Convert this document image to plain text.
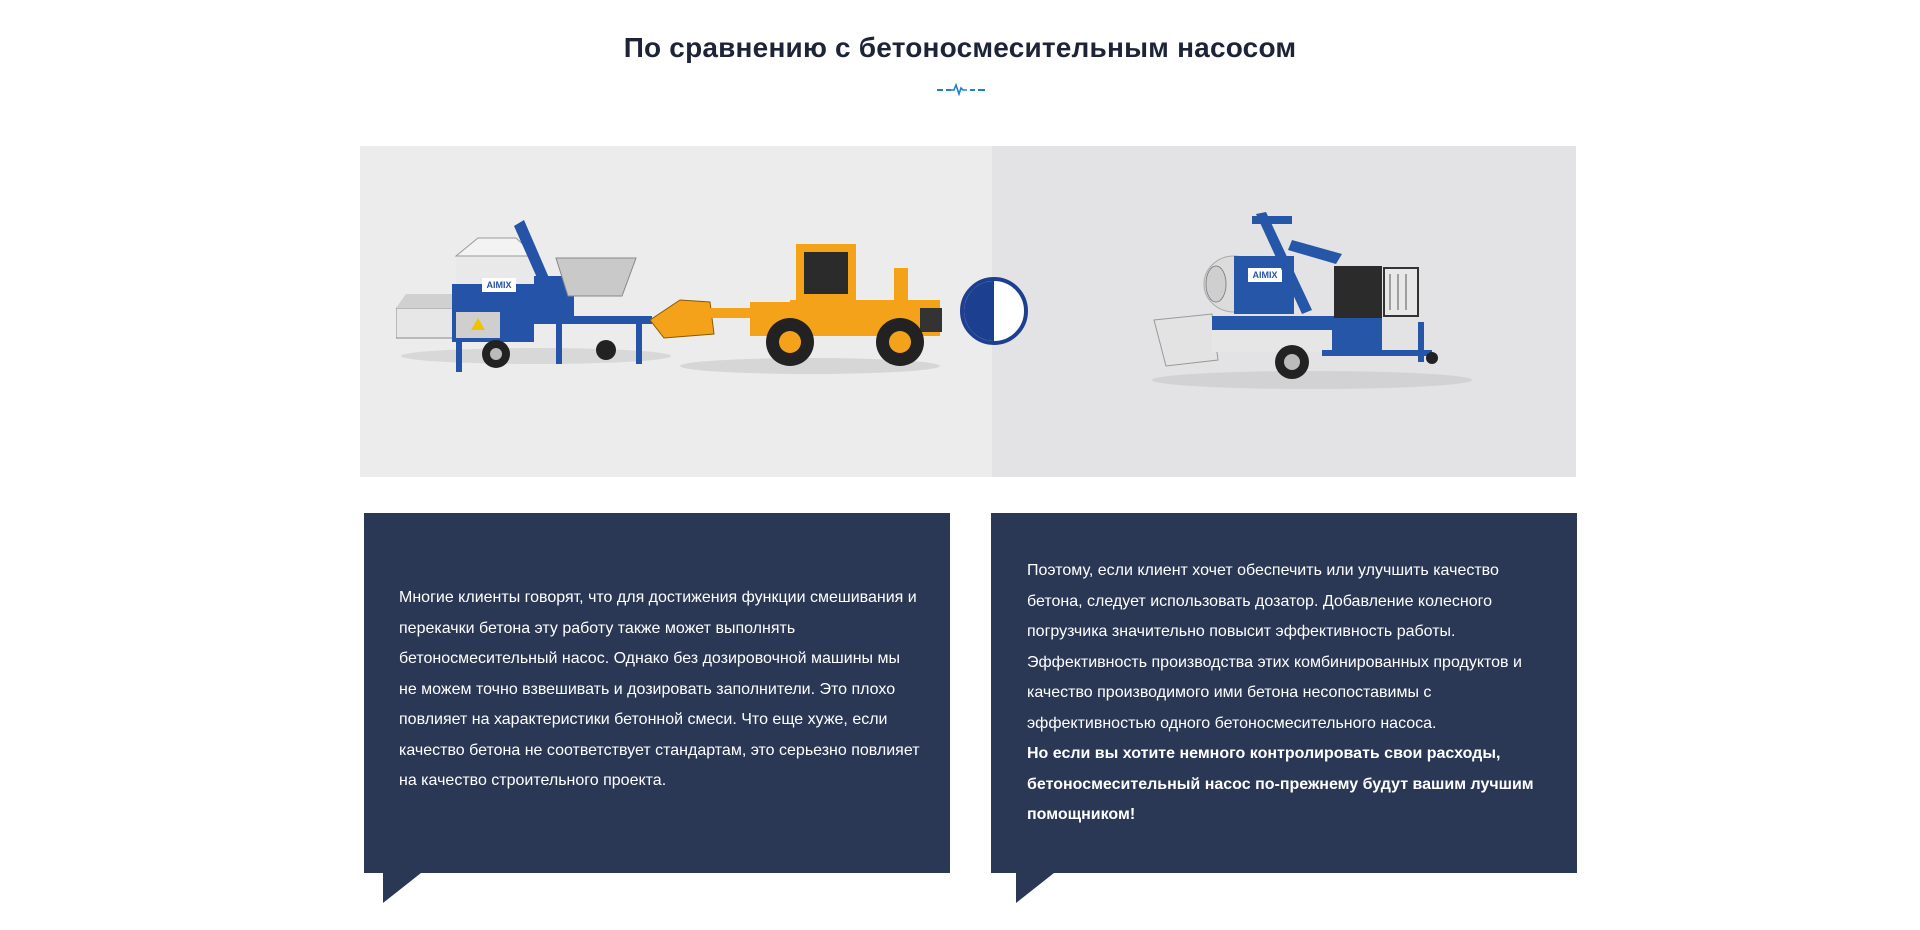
По сравнению с бетоносмесительным насосом
AIMIX
AIMIX

Многие клиенты говорят, что для достижения функции смешивания и перекачки бетона эту работу также может выполнять бетоносмесительный насос. Однако без дозировочной машины мы не можем точно взвешивать и дозировать заполнители. Это плохо повлияет на характеристики бетонной смеси. Что еще хуже, если качество бетона не соответствует стандартам, это серьезно повлияет на качество строительного проекта.

Поэтому, если клиент хочет обеспечить или улучшить качество бетона, следует использовать дозатор. Добавление колесного погрузчика значительно повысит эффективность работы. Эффективность производства этих комбинированных продуктов и качество производимого ими бетона несопоставимы с эффективностью одного бетоносмесительного насоса.

Но если вы хотите немного контролировать свои расходы, бетоносмесительный насос по-прежнему будут вашим лучшим помощником!
